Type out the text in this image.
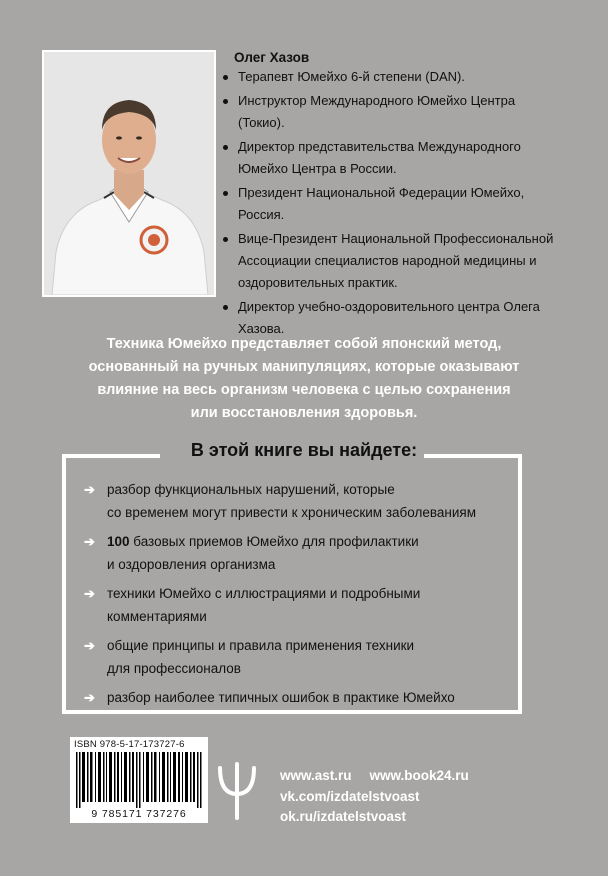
Олег Хазов
Терапевт Юмейхо 6-й степени (DAN).
Инструктор Международного Юмейхо Центра (Токио).
Директор представительства Международного Юмейхо Центра в России.
Президент Национальной Федерации Юмейхо, Россия.
Вице-Президент Национальной Профессиональной Ассоциации специалистов народной медицины и оздоровительных практик.
Директор учебно-оздоровительного центра Олега Хазова.
Техника Юмейхо представляет собой японский метод,
основанный на ручных манипуляциях, которые оказывают
влияние на весь организм человека с целью сохранения
или восстановления здоровья.
В этой книге вы найдете:
➔ разбор функциональных нарушений, которые
со временем могут привести к хроническим заболеваниям
➔ 100 базовых приемов Юмейхо для профилактики
и оздоровления организма
➔ техники Юмейхо с иллюстрациями и подробными
комментариями
➔ общие принципы и правила применения техники
для профессионалов
➔ разбор наиболее типичных ошибок в практике Юмейхо
ISBN 978-5-17-173727-6
9 785171 737276
www.ast.ru www.book24.ru
vk.com/izdatelstvoast
ok.ru/izdatelstvoast
